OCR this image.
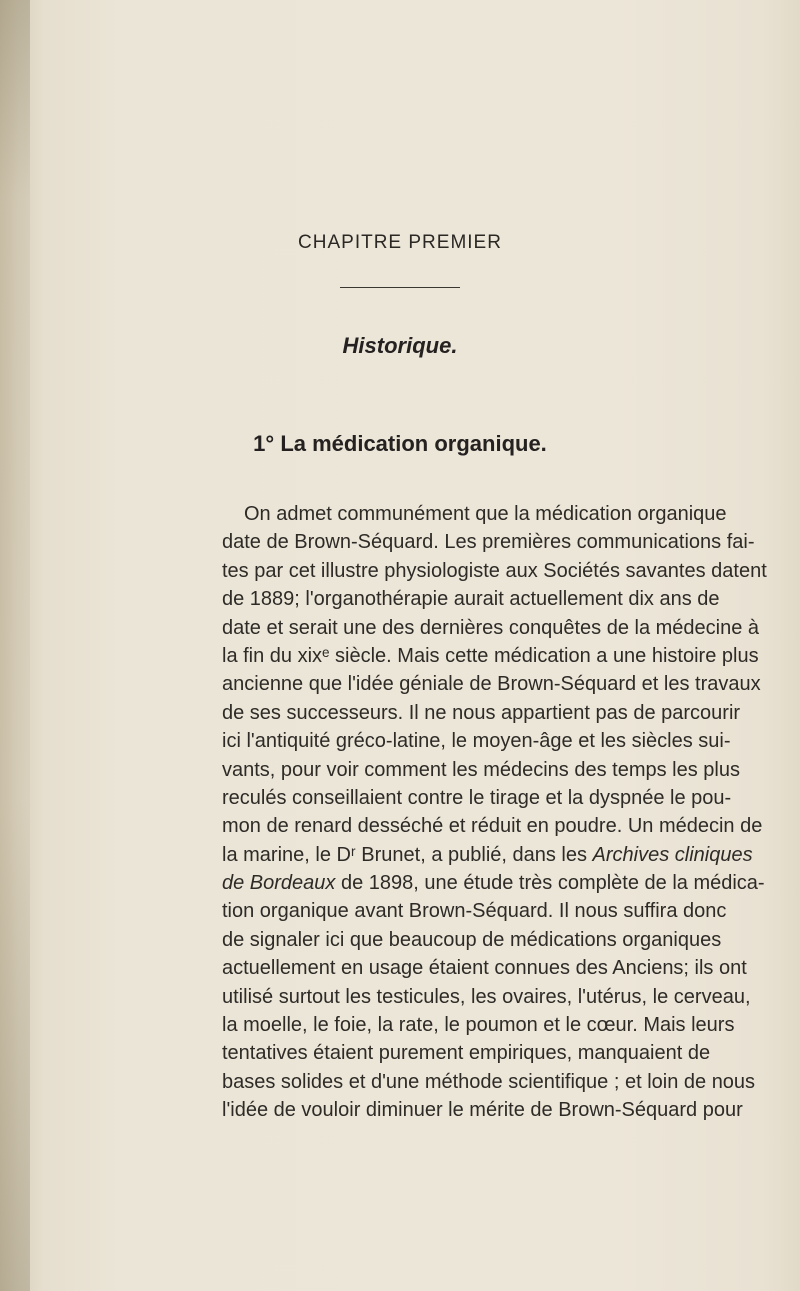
CHAPITRE PREMIER
Historique.
1° La médication organique.
On admet communément que la médication organique
date de Brown-Séquard. Les premières communications fai-
tes par cet illustre physiologiste aux Sociétés savantes datent
de 1889; l'organothérapie aurait actuellement dix ans de
date et serait une des dernières conquêtes de la médecine à
la fin du xixᵉ siècle. Mais cette médication a une histoire plus
ancienne que l'idée géniale de Brown-Séquard et les travaux
de ses successeurs. Il ne nous appartient pas de parcourir
ici l'antiquité gréco-latine, le moyen-âge et les siècles sui-
vants, pour voir comment les médecins des temps les plus
reculés conseillaient contre le tirage et la dyspnée le pou-
mon de renard desséché et réduit en poudre. Un médecin de
la marine, le Dʳ Brunet, a publié, dans les Archives cliniques
de Bordeaux de 1898, une étude très complète de la médica-
tion organique avant Brown-Séquard. Il nous suffira donc
de signaler ici que beaucoup de médications organiques
actuellement en usage étaient connues des Anciens; ils ont
utilisé surtout les testicules, les ovaires, l'utérus, le cerveau,
la moelle, le foie, la rate, le poumon et le cœur. Mais leurs
tentatives étaient purement empiriques, manquaient de
bases solides et d'une méthode scientifique ; et loin de nous
l'idée de vouloir diminuer le mérite de Brown-Séquard pour
